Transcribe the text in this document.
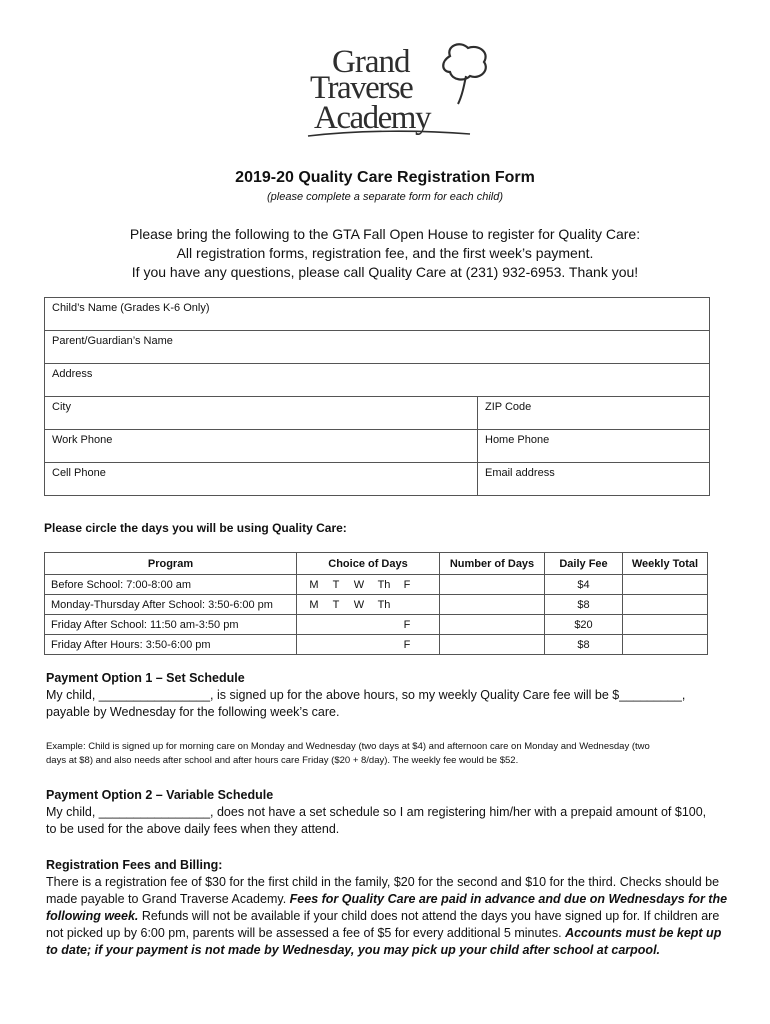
Grand
Traverse
Academy
2019-20 Quality Care Registration Form
(please complete a separate form for each child)
Please bring the following to the GTA Fall Open House to register for Quality Care:
All registration forms, registration fee, and the first week’s payment.
If you have any questions, please call Quality Care at (231) 932-6953. Thank you!
Child’s Name (Grades K-6 Only)	
Parent/Guardian’s Name	
Address	
City	ZIP Code
Work Phone	Home Phone
Cell Phone	Email address
Please circle the days you will be using Quality Care:
Program	Choice of Days	Number of Days	Daily Fee	Weekly Total
Before School: 7:00-8:00 am	M T W Th F		$4	
Monday-Thursday After School: 3:50-6:00 pm	M T W Th		$8	
Friday After School: 11:50 am-3:50 pm	F		$20	
Friday After Hours: 3:50-6:00 pm	F		$8	
Payment Option 1 – Set Schedule
My child, ________________, is signed up for the above hours, so my weekly Quality Care fee will be $_________,
payable by Wednesday for the following week’s care.
Example: Child is signed up for morning care on Monday and Wednesday (two days at $4) and afternoon care on Monday and Wednesday (two
days at $8) and also needs after school and after hours care Friday ($20 + 8/day). The weekly fee would be $52.
Payment Option 2 – Variable Schedule
My child, ________________, does not have a set schedule so I am registering him/her with a prepaid amount of $100,
to be used for the above daily fees when they attend.
Registration Fees and Billing:
There is a registration fee of $30 for the first child in the family, $20 for the second and $10 for the third. Checks should be made payable to Grand Traverse Academy. Fees for Quality Care are paid in advance and due on Wednesdays for the following week. Refunds will not be available if your child does not attend the days you have signed up for. If children are not picked up by 6:00 pm, parents will be assessed a fee of $5 for every additional 5 minutes. Accounts must be kept up to date; if your payment is not made by Wednesday, you may pick up your child after school at carpool.
